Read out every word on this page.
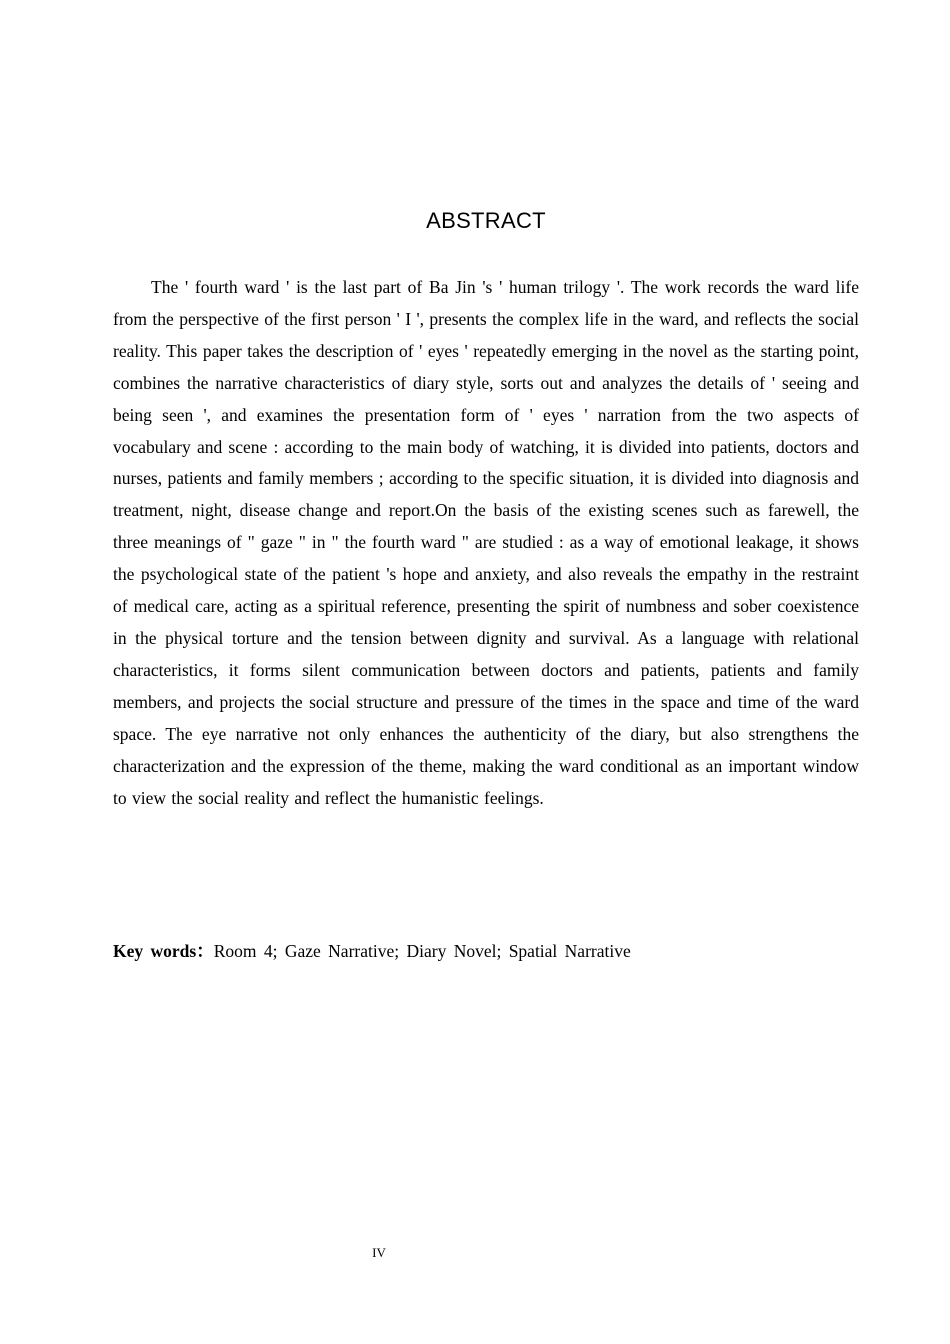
ABSTRACT

The ' fourth ward ' is the last part of Ba Jin 's ' human trilogy '. The work records the ward life from the perspective of the first person ' I ', presents the complex life in the ward, and reflects the social reality. This paper takes the description of ' eyes ' repeatedly emerging in the novel as the starting point, combines the narrative characteristics of diary style, sorts out and analyzes the details of ' seeing and being seen ', and examines the presentation form of ' eyes ' narration from the two aspects of vocabulary and scene : according to the main body of watching, it is divided into patients, doctors and nurses, patients and family members ; according to the specific situation, it is divided into diagnosis and treatment, night, disease change and report.On the basis of the existing scenes such as farewell, the three meanings of " gaze " in " the fourth ward " are studied : as a way of emotional leakage, it shows the psychological state of the patient 's hope and anxiety, and also reveals the empathy in the restraint of medical care, acting as a spiritual reference, presenting the spirit of numbness and sober coexistence in the physical torture and the tension between dignity and survival. As a language with relational characteristics, it forms silent communication between doctors and patients, patients and family members, and projects the social structure and pressure of the times in the space and time of the ward space. The eye narrative not only enhances the authenticity of the diary, but also strengthens the characterization and the expression of the theme, making the ward conditional as an important window to view the social reality and reflect the humanistic feelings.

Key words：Room 4; Gaze Narrative; Diary Novel; Spatial Narrative

IV
